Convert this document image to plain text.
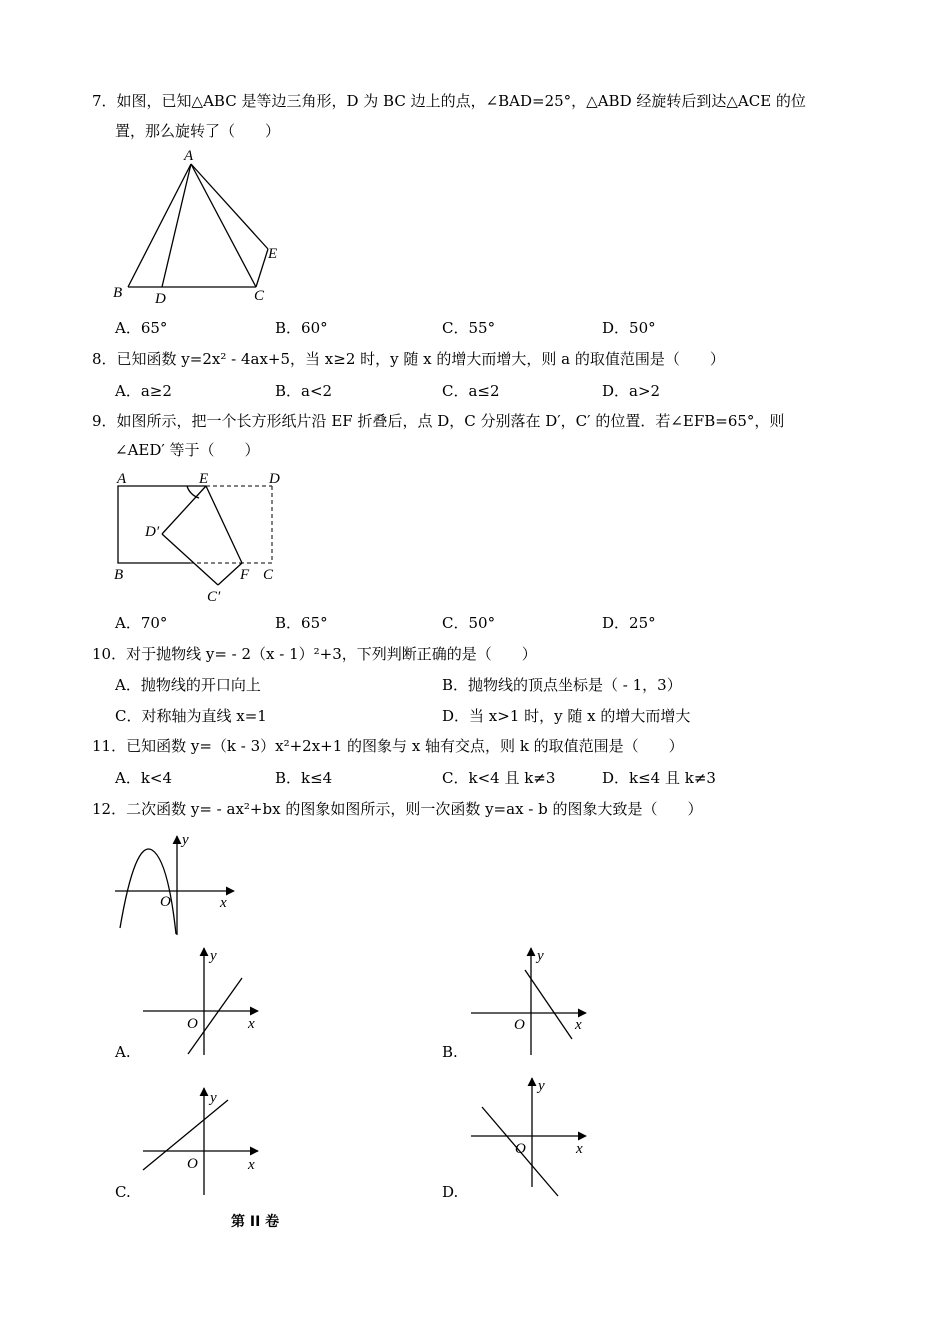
7．如图，已知△ABC 是等边三角形，D 为 BC 边上的点，∠BAD=25°，△ABD 经旋转后到达△ACE 的位
置，那么旋转了（　　）
A
B D	C
E
A．65°	B．60°	C．55°	D．50°
8．已知函数 y=2x² - 4ax+5，当 x≥2 时，y 随 x 的增大而增大，则 a 的取值范围是（　　）
A．a≥2	B．a<2	C．a≤2	D．a>2
9．如图所示，把一个长方形纸片沿 EF 折叠后，点 D，C 分别落在 D′，C′ 的位置．若∠EFB=65°，则
∠AED′ 等于（　　）
A	E	D
D′
B	F C
C′
A．70°	B．65°	C．50°	D．25°
10．对于抛物线 y= - 2（x - 1）²+3，下列判断正确的是（　　）
A．抛物线的开口向上	B．抛物线的顶点坐标是（ - 1，3）
C．对称轴为直线 x=1	D．当 x>1 时，y 随 x 的增大而增大
11．已知函数 y=（k - 3）x²+2x+1 的图象与 x 轴有交点，则 k 的取值范围是（　　）
A．k<4	B．k≤4	C．k<4 且 k≠3	D．k≤4 且 k≠3
12．二次函数 y= - ax²+bx 的图象如图所示，则一次函数 y=ax - b 的图象大致是（　　）
y
x
O
y
x
O
A.
y
x
O
B.
y
x
O
C.
y
x
O
D.
第 II 卷
